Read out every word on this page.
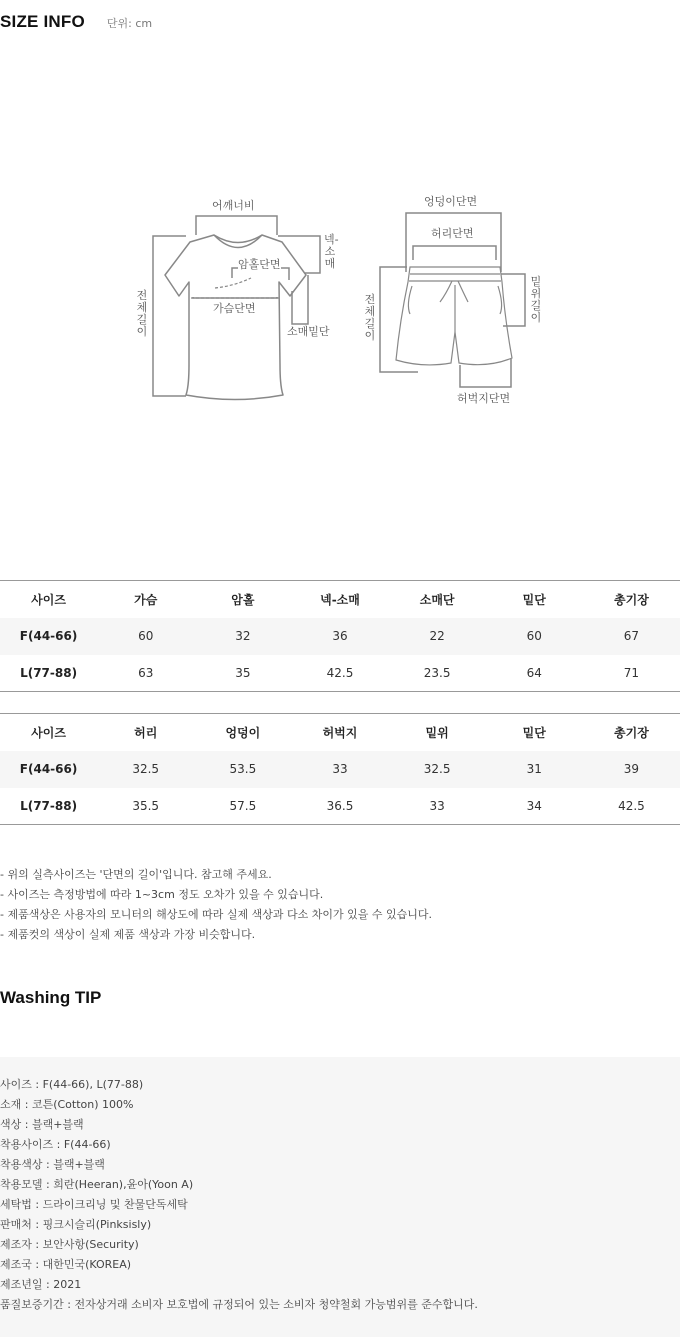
SIZE INFO 단위: cm
어깨너비
암홀단면
가슴단면
소매밑단
넥-소매
전체길이
엉덩이단면
허리단면
밑위길이
전체길이
허벅지단면
사이즈	가슴	암홀	넥-소매	소매단	밑단	총기장
F(44-66)	60	32	36	22	60	67
L(77-88)	63	35	42.5	23.5	64	71
사이즈	허리	엉덩이	허벅지	밑위	밑단	총기장
F(44-66)	32.5	53.5	33	32.5	31	39
L(77-88)	35.5	57.5	36.5	33	34	42.5
- 위의 실측사이즈는 '단면의 길이'입니다. 참고해 주세요.
- 사이즈는 측정방법에 따라 1~3cm 정도 오차가 있을 수 있습니다.
- 제품색상은 사용자의 모니터의 해상도에 따라 실제 색상과 다소 차이가 있을 수 있습니다.
- 제품컷의 색상이 실제 제품 색상과 가장 비슷합니다.
Washing TIP
사이즈 : F(44-66), L(77-88)
소재 : 코튼(Cotton) 100%
색상 : 블랙+블랙
착용사이즈 : F(44-66)
착용색상 : 블랙+블랙
착용모델 : 희란(Heeran),윤아(Yoon A)
세탁법 : 드라이크리닝 및 찬물단독세탁
판매처 : 핑크시슬리(Pinksisly)
제조자 : 보안사항(Security)
제조국 : 대한민국(KOREA)
제조년일 : 2021
품질보증기간 : 전자상거래 소비자 보호법에 규정되어 있는 소비자 청약철회 가능범위를 준수합니다.
